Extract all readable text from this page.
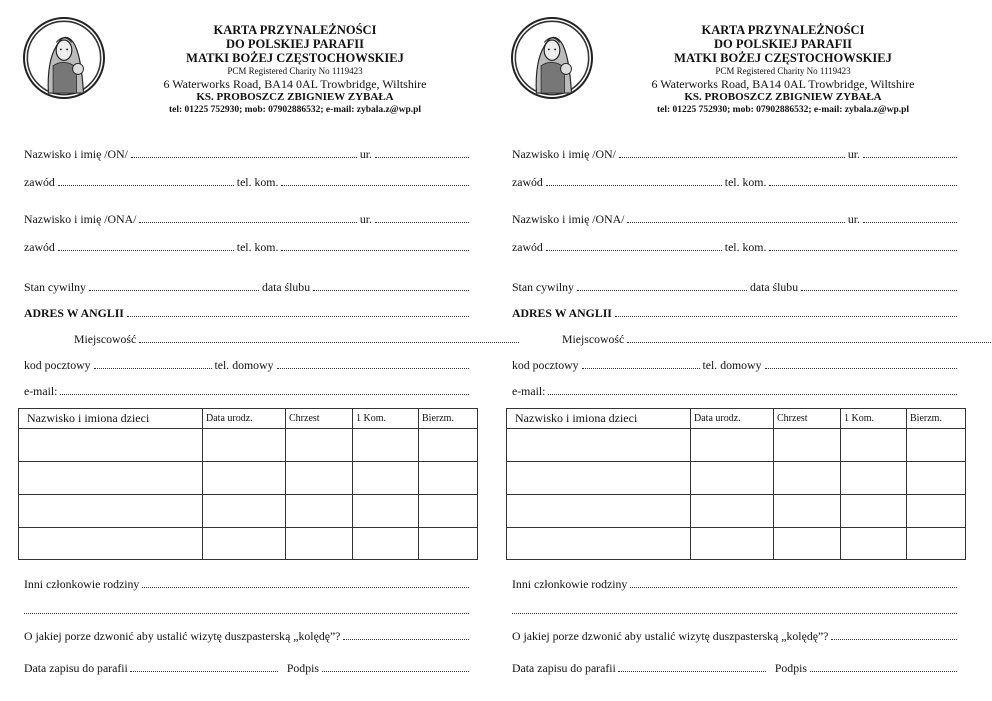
KARTA PRZYNALEŻNOŚCI
DO POLSKIEJ PARAFII
MATKI BOŻEJ CZĘSTOCHOWSKIEJ
PCM Registered Charity No 1119423
6 Waterworks Road, BA14 0AL Trowbridge, Wiltshire
KS. PROBOSZCZ ZBIGNIEW ZYBAŁA
tel: 01225 752930; mob: 07902886532; e-mail: zybala.z@wp.pl
Nazwisko i imię /ON/	ur.
zawód	tel. kom.
Nazwisko i imię /ONA/	ur.
zawód	tel. kom.
Stan cywilny	data ślubu
ADRES W ANGLII
Miejscowość
kod pocztowy	tel. domowy
e-mail:
Nazwisko i imiona dzieci	Data urodz.	Chrzest	1 Kom.	Bierzm.
Inni członkowie rodziny
O jakiej porze dzwonić aby ustalić wizytę duszpasterską „kolędę”?
Data zapisu do parafii	Podpis
KARTA PRZYNALEŻNOŚCI
DO POLSKIEJ PARAFII
MATKI BOŻEJ CZĘSTOCHOWSKIEJ
PCM Registered Charity No 1119423
6 Waterworks Road, BA14 0AL Trowbridge, Wiltshire
KS. PROBOSZCZ ZBIGNIEW ZYBAŁA
tel: 01225 752930; mob: 07902886532; e-mail: zybala.z@wp.pl
Nazwisko i imię /ON/	ur.
zawód	tel. kom.
Nazwisko i imię /ONA/	ur.
zawód	tel. kom.
Stan cywilny	data ślubu
ADRES W ANGLII
Miejscowość
kod pocztowy	tel. domowy
e-mail:
Nazwisko i imiona dzieci	Data urodz.	Chrzest	1 Kom.	Bierzm.
Inni członkowie rodziny
O jakiej porze dzwonić aby ustalić wizytę duszpasterską „kolędę”?
Data zapisu do parafii	Podpis
